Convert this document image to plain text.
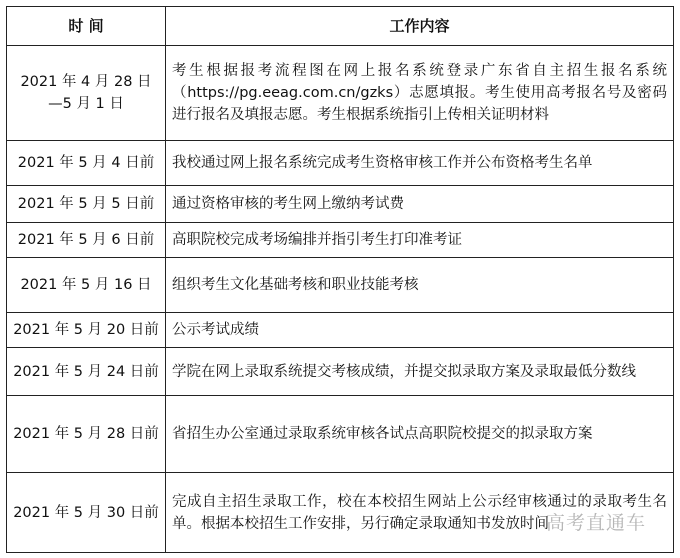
时 间	工作内容

2021 年 4 月 28 日
—5 月 1 日	考生根据报考流程图在网上报名系统登录广东省自主招生报名系统（https://pg.eeag.com.cn/gzks）志愿填报。考生使用高考报名号及密码进行报名及填报志愿。考生根据系统指引上传相关证明材料
2021 年 5 月 4 日前	我校通过网上报名系统完成考生资格审核工作并公布资格考生名单
2021 年 5 月 5 日前	通过资格审核的考生网上缴纳考试费
2021 年 5 月 6 日前	高职院校完成考场编排并指引考生打印准考证
2021 年 5 月 16 日	组织考生文化基础考核和职业技能考核
2021 年 5 月 20 日前	公示考试成绩
2021 年 5 月 24 日前	学院在网上录取系统提交考核成绩，并提交拟录取方案及录取最低分数线
2021 年 5 月 28 日前	省招生办公室通过录取系统审核各试点高职院校提交的拟录取方案
2021 年 5 月 30 日前	完成自主招生录取工作，校在本校招生网站上公示经审核通过的录取考生名单。根据本校招生工作安排，另行确定录取通知书发放时间
高考直通车
